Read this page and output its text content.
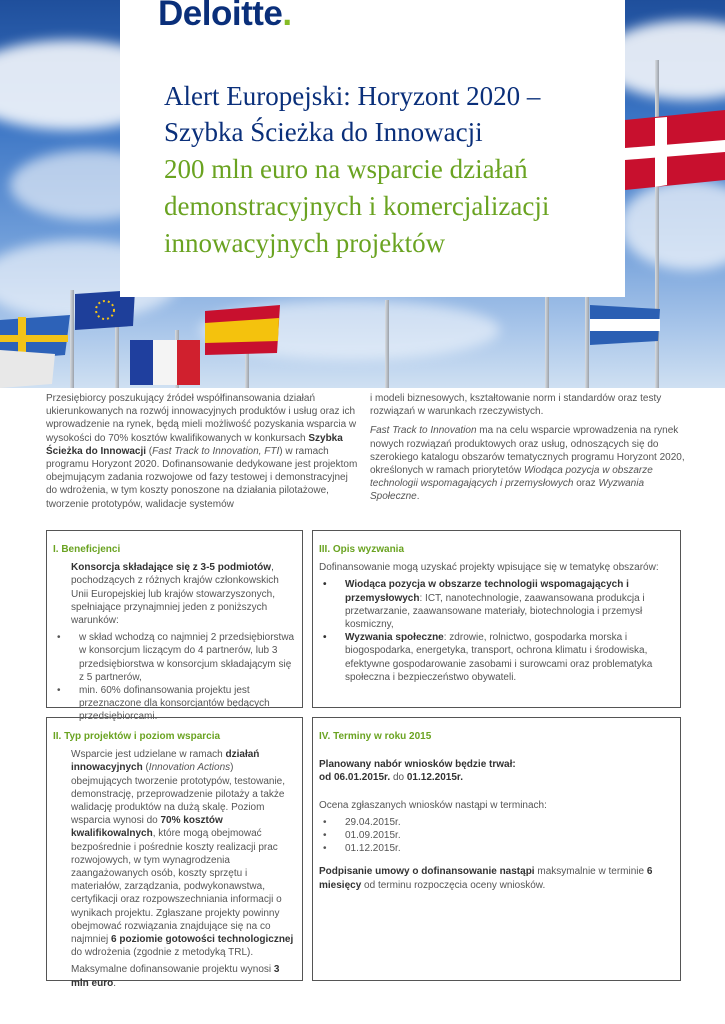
Deloitte.
Alert Europejski: Horyzont 2020 –
Szybka Ścieżka do Innowacji
200 mln euro na wsparcie działań
demonstracyjnych i komercjalizacji
innowacyjnych projektów

Przesiębiorcy poszukujący źródeł współfinansowania działań ukierunkowanych na rozwój innowacyjnych produktów i usług oraz ich wprowadzenie na rynek, będą mieli możliwość pozyskania wsparcia w wysokości do 70% kosztów kwalifikowanych w konkursach Szybka Ścieżka do Innowacji (Fast Track to Innovation, FTI) w ramach programu Horyzont 2020. Dofinansowanie dedykowane jest projektom obejmującym zadania rozwojowe od fazy testowej i demonstracyjnej do wdrożenia, w tym koszty ponoszone na działania pilotażowe, tworzenie prototypów, walidacje systemów

i modeli biznesowych, kształtowanie norm i standardów oraz testy rozwiązań w warunkach rzeczywistych.

Fast Track to Innovation ma na celu wsparcie wprowadzenia na rynek nowych rozwiązań produktowych oraz usług, odnoszących się do szerokiego katalogu obszarów tematycznych programu Horyzont 2020, określonych w ramach priorytetów Wiodąca pozycja w obszarze technologii wspomagających i przemysłowych oraz Wyzwania Społeczne.

I. Beneficjenci

Konsorcja składające się z 3-5 podmiotów, pochodzących z różnych krajów członkowskich Unii Europejskiej lub krajów stowarzyszonych, spełniające przynajmniej jeden z poniższych warunków:

• w skład wchodzą co najmniej 2 przedsiębiorstwa w konsorcjum liczącym do 4 partnerów, lub 3 przedsiębiorstwa w konsorcjum składającym się z 5 partnerów,
• min. 60% dofinansowania projektu jest przeznaczone dla konsorcjantów będących przedsiębiorcami.
III. Opis wyzwania

Dofinansowanie mogą uzyskać projekty wpisujące się w tematykę obszarów:

• Wiodąca pozycja w obszarze technologii wspomagających i przemysłowych: ICT, nanotechnologie, zaawansowana produkcja i przetwarzanie, zaawansowane materiały, biotechnologia i przemysł kosmiczny,
• Wyzwania społeczne: zdrowie, rolnictwo, gospodarka morska i biogospodarka, energetyka, transport, ochrona klimatu i środowiska, efektywne gospodarowanie zasobami i surowcami oraz problematyka społeczna i bezpieczeństwo obywateli.
II. Typ projektów i poziom wsparcia

Wsparcie jest udzielane w ramach działań innowacyjnych (Innovation Actions) obejmujących tworzenie prototypów, testowanie, demonstrację, przeprowadzenie pilotaży a także walidację produktów na dużą skalę. Poziom wsparcia wynosi do 70% kosztów kwalifikowalnych, które mogą obejmować bezpośrednie i pośrednie koszty realizacji prac rozwojowych, w tym wynagrodzenia zaangażowanych osób, koszty sprzętu i materiałów, zarządzania, podwykonawstwa, certyfikacji oraz rozpowszechniania informacji o wynikach projektu. Zgłaszane projekty powinny obejmować rozwiązania znajdujące się na co najmniej 6 poziomie gotowości technologicznej do wdrożenia (zgodnie z metodyką TRL).

Maksymalne dofinansowanie projektu wynosi 3 mln euro.

IV. Terminy w roku 2015

Planowany nabór wniosków będzie trwał:
od 06.01.2015r. do 01.12.2015r.

Ocena zgłaszanych wniosków nastąpi w terminach:

• 29.04.2015r.
• 01.09.2015r.
• 01.12.2015r.

Podpisanie umowy o dofinansowanie nastąpi maksymalnie w terminie 6 miesięcy od terminu rozpoczęcia oceny wniosków.
